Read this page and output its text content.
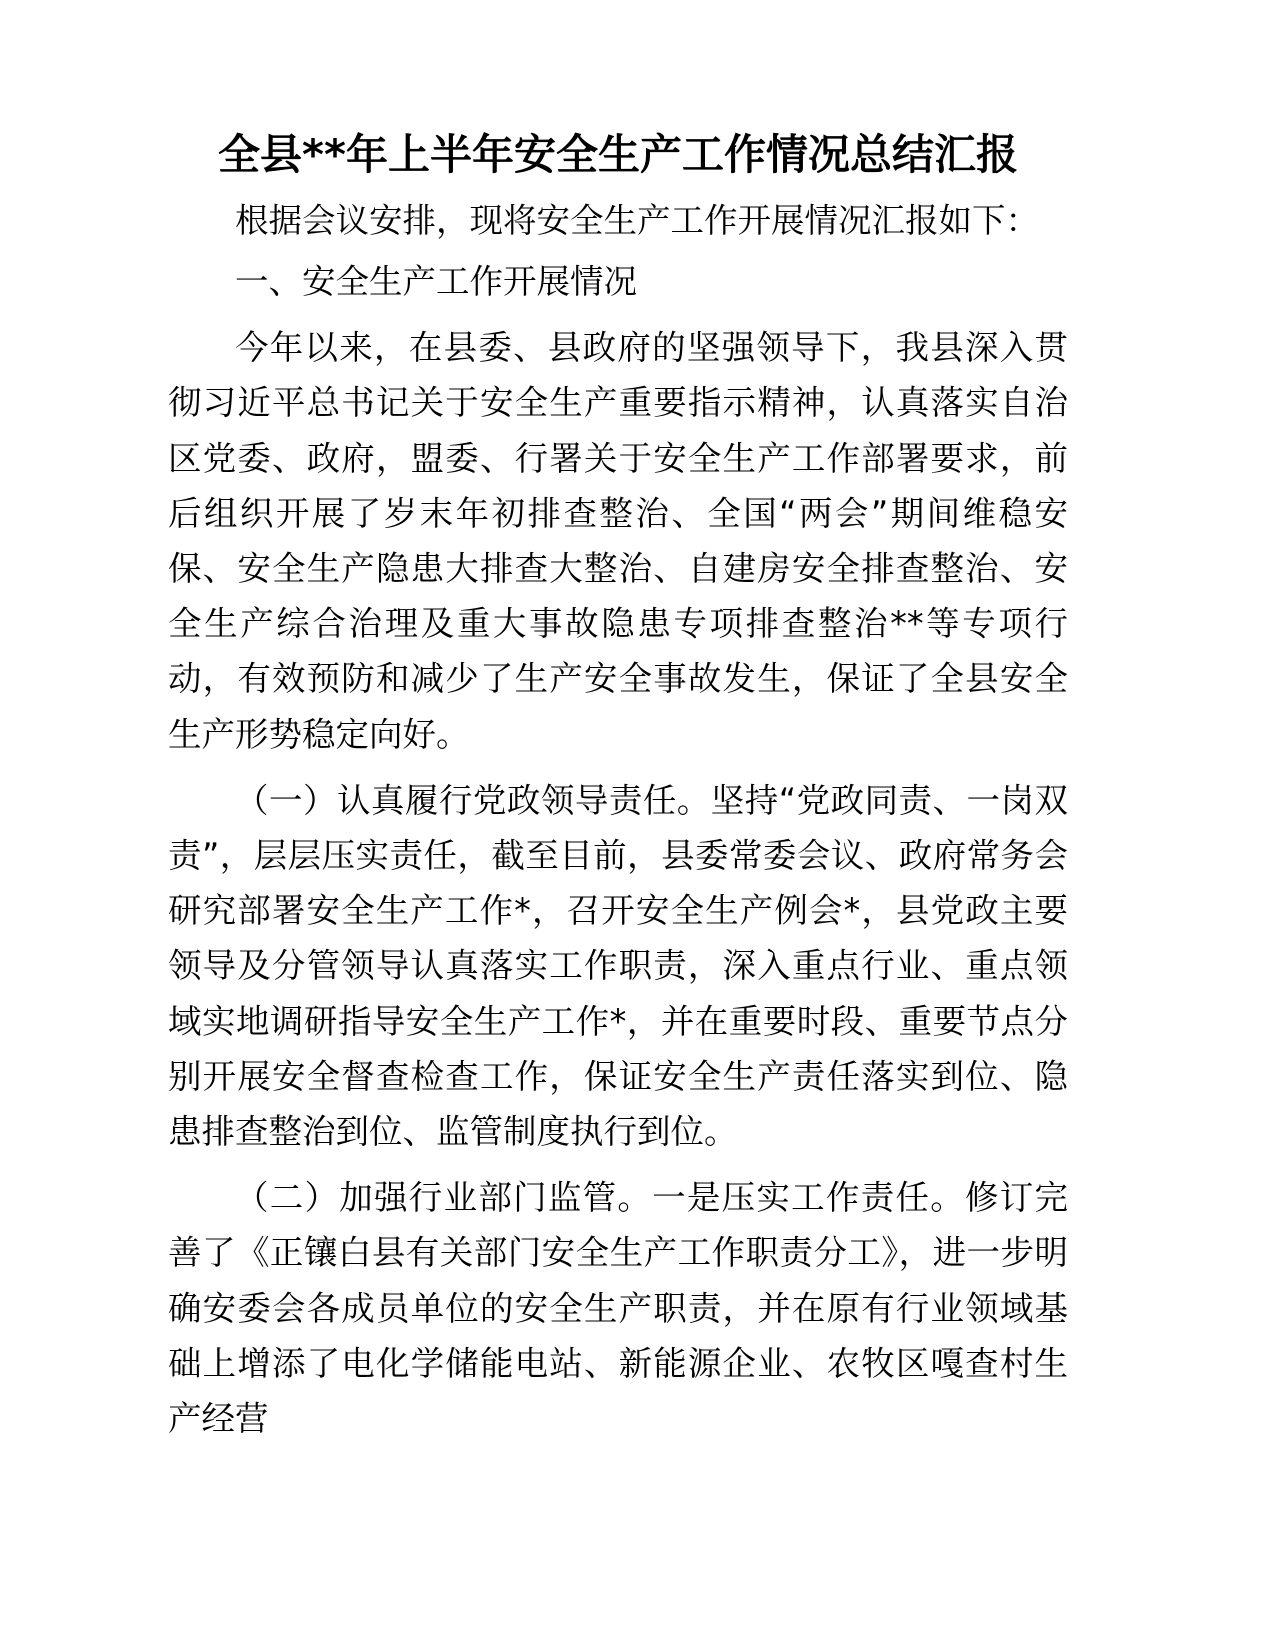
全县**年上半年安全生产工作情况总结汇报

根据会议安排，现将安全生产工作开展情况汇报如下：

一、安全生产工作开展情况

今年以来，在县委、县政府的坚强领导下，我县深入贯彻习近平总书记关于安全生产重要指示精神，认真落实自治区党委、政府，盟委、行署关于安全生产工作部署要求，前后组织开展了岁末年初排查整治、全国“两会”期间维稳安保、安全生产隐患大排查大整治、自建房安全排查整治、安全生产综合治理及重大事故隐患专项排查整治**等专项行动，有效预防和减少了生产安全事故发生，保证了全县安全生产形势稳定向好。

（一）认真履行党政领导责任。坚持“党政同责、一岗双责”，层层压实责任，截至目前，县委常委会议、政府常务会研究部署安全生产工作*，召开安全生产例会*，县党政主要领导及分管领导认真落实工作职责，深入重点行业、重点领域实地调研指导安全生产工作*，并在重要时段、重要节点分别开展安全督查检查工作，保证安全生产责任落实到位、隐患排查整治到位、监管制度执行到位。

（二）加强行业部门监管。一是压实工作责任。修订完善了《正镶白县有关部门安全生产工作职责分工》，进一步明确安委会各成员单位的安全生产职责，并在原有行业领域基础上增添了电化学储能电站、新能源企业、农牧区嘎查村生产经营
